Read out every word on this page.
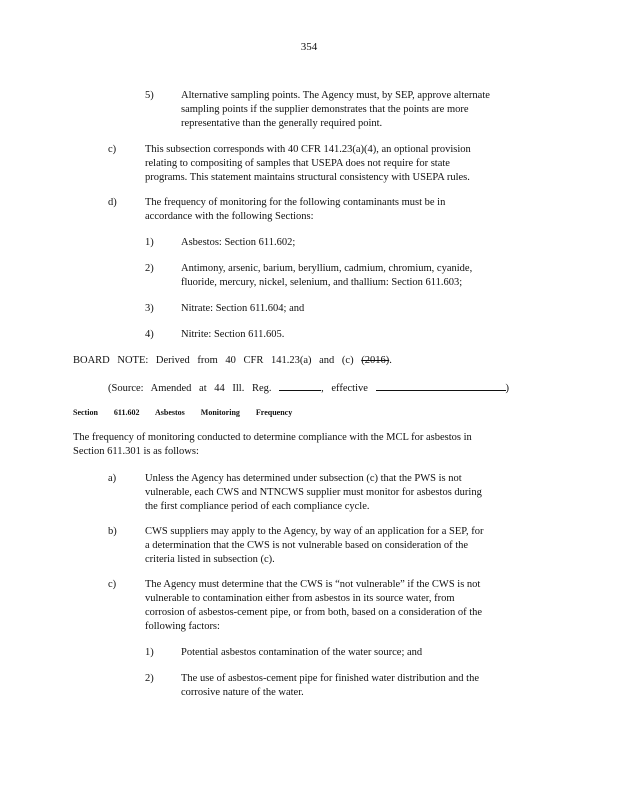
354
5)	Alternative sampling points. The Agency must, by SEP, approve alternate
sampling points if the supplier demonstrates that the points are more
representative than the generally required point.
c)	This subsection corresponds with 40 CFR 141.23(a)(4), an optional provision
relating to compositing of samples that USEPA does not require for state
programs. This statement maintains structural consistency with USEPA rules.
d)	The frequency of monitoring for the following contaminants must be in
accordance with the following Sections:
1)	Asbestos: Section 611.602;
2)	Antimony, arsenic, barium, beryllium, cadmium, chromium, cyanide,
fluoride, mercury, nickel, selenium, and thallium: Section 611.603;
3)	Nitrate: Section 611.604; and
4)	Nitrite: Section 611.605.
BOARD NOTE: Derived from 40 CFR 141.23(a) and (c) (2016).
(Source: Amended at 44 Ill. Reg.	, effective	)
Section 611.602 Asbestos Monitoring Frequency
The frequency of monitoring conducted to determine compliance with the MCL for asbestos in
Section 611.301 is as follows:
a)	Unless the Agency has determined under subsection (c) that the PWS is not
vulnerable, each CWS and NTNCWS supplier must monitor for asbestos during
the first compliance period of each compliance cycle.
b)	CWS suppliers may apply to the Agency, by way of an application for a SEP, for
a determination that the CWS is not vulnerable based on consideration of the
criteria listed in subsection (c).
c)	The Agency must determine that the CWS is “not vulnerable” if the CWS is not
vulnerable to contamination either from asbestos in its source water, from
corrosion of asbestos-cement pipe, or from both, based on a consideration of the
following factors:
1)	Potential asbestos contamination of the water source; and
2)	The use of asbestos-cement pipe for finished water distribution and the
corrosive nature of the water.
